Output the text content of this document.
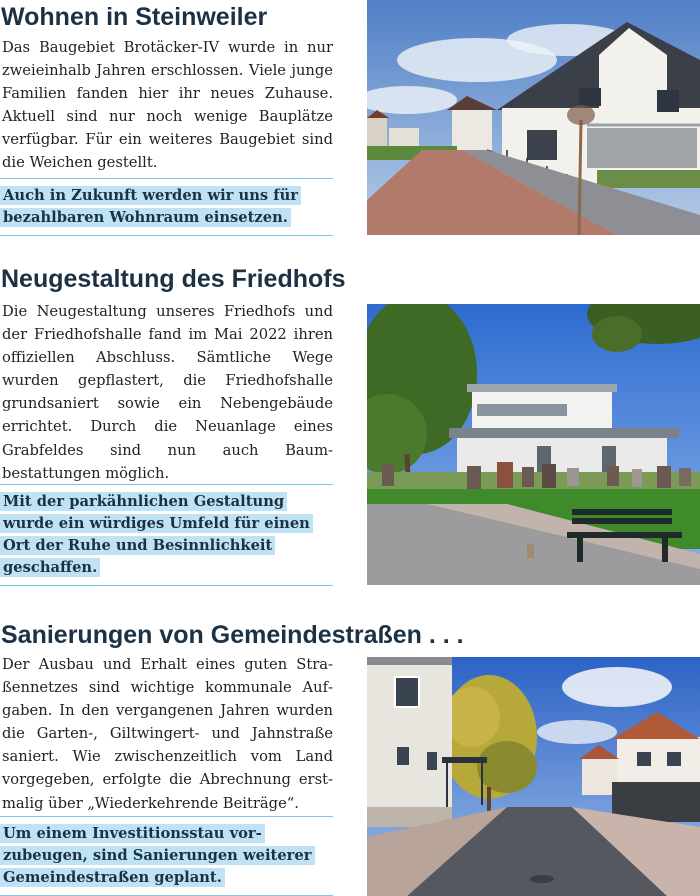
Wohnen in Steinweiler

Das Baugebiet Brotäcker-IV wurde in nur zweieinhalb Jahren erschlossen. Viele junge Familien fanden hier ihr neues Zuhause. Aktuell sind nur noch wenige Bauplätze verfügbar. Für ein weiteres Baugebiet sind die Weichen gestellt.

Auch in Zukunft werden wir uns für bezahlbaren Wohnraum einsetzen.

Neugestaltung des Friedhofs

Die Neugestaltung unseres Friedhofs und der Friedhofshalle fand im Mai 2022 ihren offiziellen Abschluss. Sämtliche Wege wurden gepflastert, die Friedhofshalle grundsaniert sowie ein Nebengebäude errichtet. Durch die Neuanlage eines Grabfeldes sind nun auch Baumbestattungen möglich.

Mit der parkähnlichen Gestaltung wurde ein würdiges Umfeld für einen Ort der Ruhe und Besinnlichkeit geschaffen.

Sanierungen von Gemeindestraßen . . .

Der Ausbau und Erhalt eines guten Straßennetzes sind wichtige kommunale Aufgaben. In den vergangenen Jahren wurden die Garten-, Giltwingert- und Jahnstraße saniert. Wie zwischenzeitlich vom Land vorgegeben, erfolgte die Abrechnung erstmalig über „Wiederkehrende Beiträge“.

Um einem Investitionsstau vorzubeugen, sind Sanierungen weiterer Gemeindestraßen geplant.
